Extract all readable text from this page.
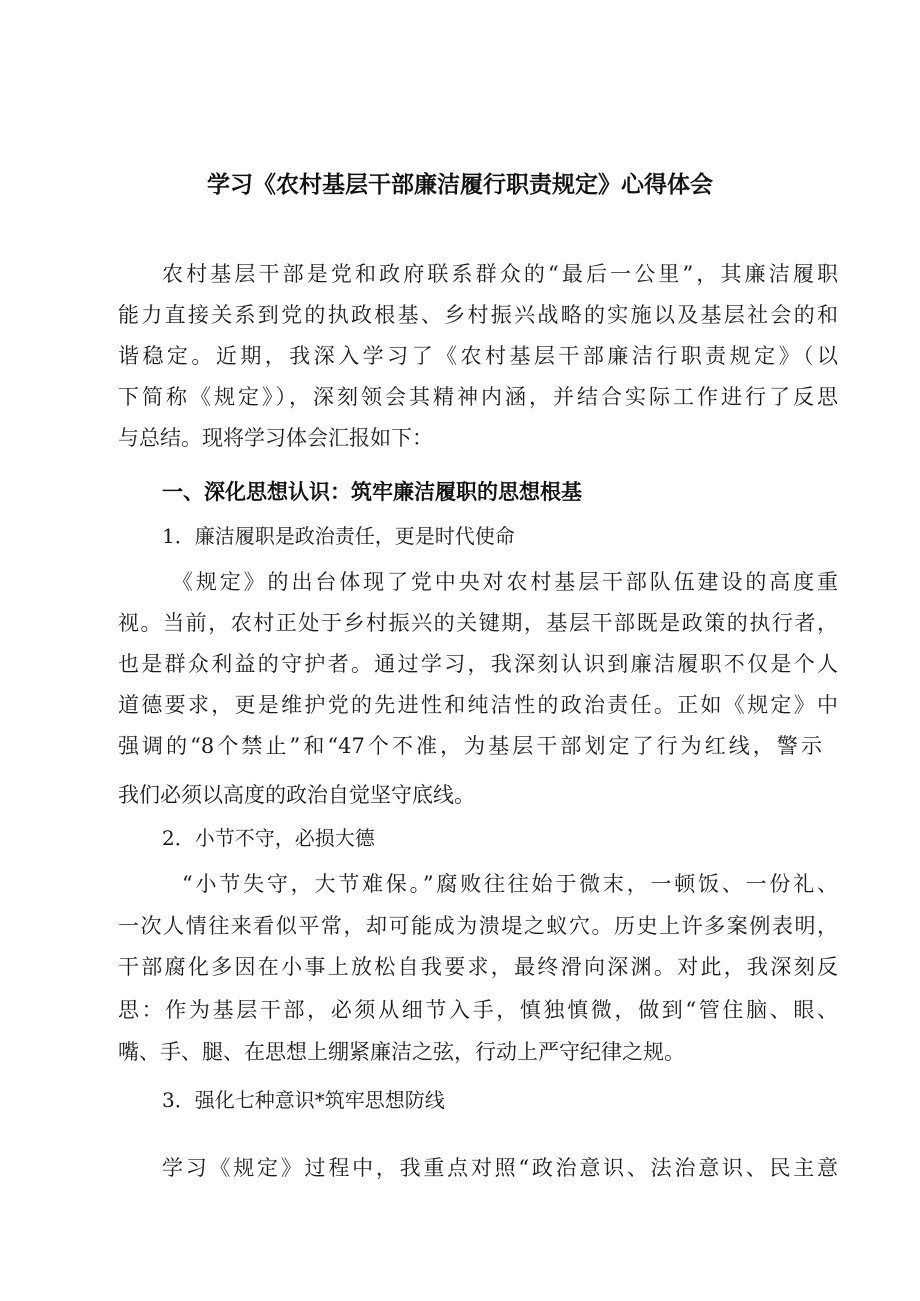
学习《农村基层干部廉洁履行职责规定》心得体会
农村基层干部是党和政府联系群众的“最后一公里”，其廉洁履职
能力直接关系到党的执政根基、乡村振兴战略的实施以及基层社会的和
谐稳定。近期，我深入学习了《农村基层干部廉洁行职责规定》（以
下简称《规定》），深刻领会其精神内涵，并结合实际工作进行了反思
与总结。现将学习体会汇报如下：
一、深化思想认识：筑牢廉洁履职的思想根基
1．廉洁履职是政治责任，更是时代使命
《规定》的出台体现了党中央对农村基层干部队伍建设的高度重
视。当前，农村正处于乡村振兴的关键期，基层干部既是政策的执行者，
也是群众利益的守护者。通过学习，我深刻认识到廉洁履职不仅是个人
道德要求，更是维护党的先进性和纯洁性的政治责任。正如《规定》中
强调的“8个禁止”和“47个不准，为基层干部划定了行为红线，警示
我们必须以高度的政治自觉坚守底线。
2．小节不守，必损大德
“小节失守，大节难保。”腐败往往始于微末，一顿饭、一份礼、
一次人情往来看似平常，却可能成为溃堤之蚁穴。历史上许多案例表明，
干部腐化多因在小事上放松自我要求，最终滑向深渊。对此，我深刻反
思：作为基层干部，必须从细节入手，慎独慎微，做到“管住脑、眼、
嘴、手、腿、在思想上绷紧廉洁之弦，行动上严守纪律之规。
3．强化七种意识*筑牢思想防线
学习《规定》过程中，我重点对照“政治意识、法治意识、民主意
